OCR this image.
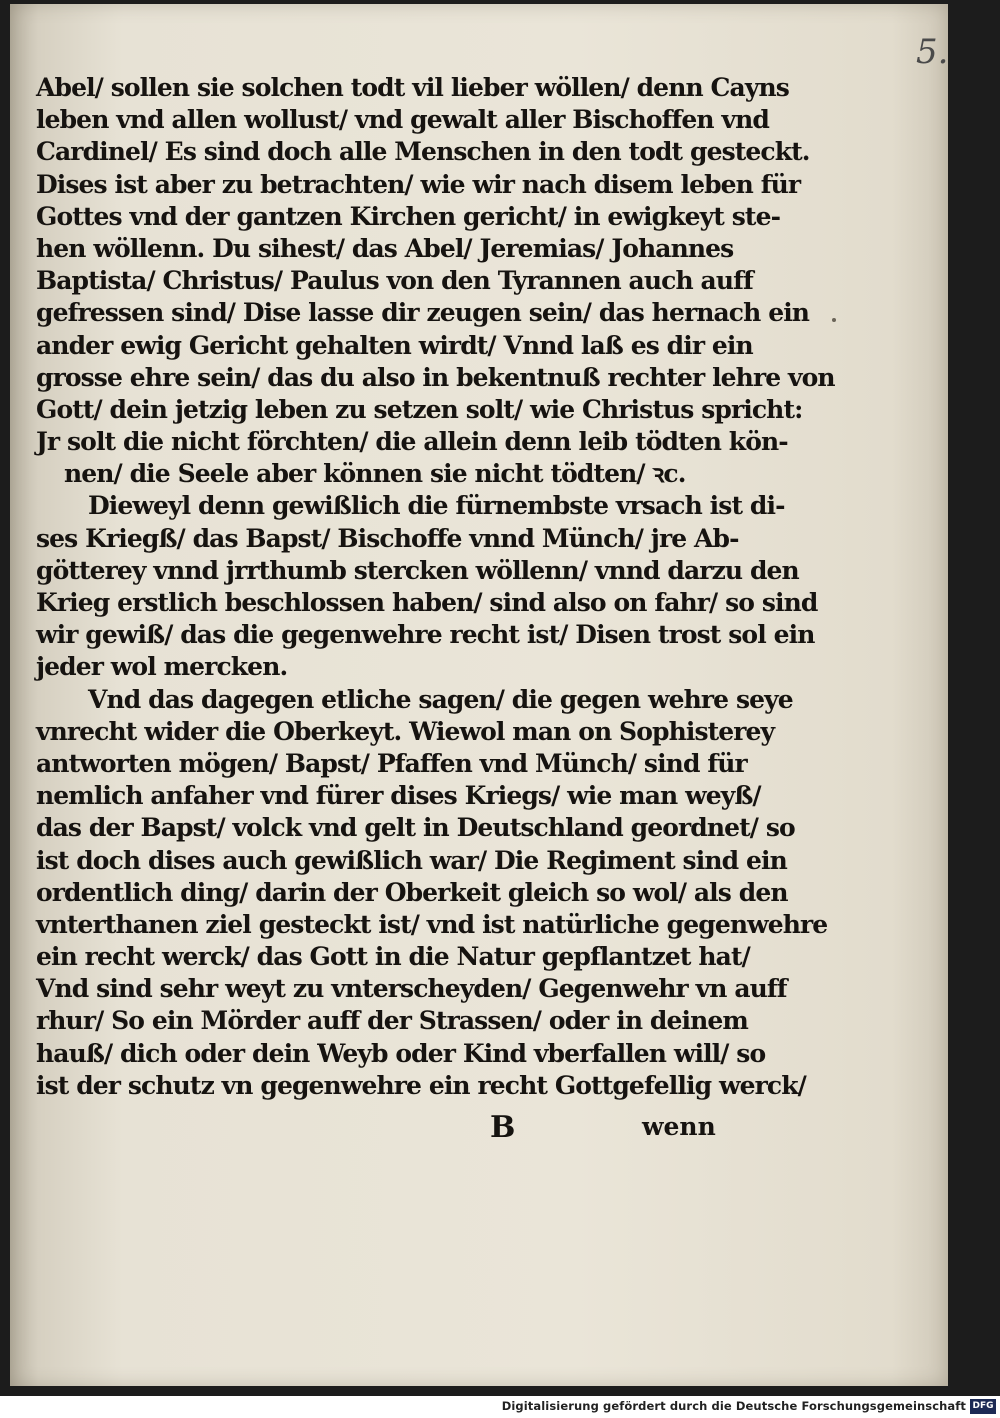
5.
Abel/ sollen sie solchen todt vil lieber wöllen/ denn Cayns
leben vnd allen wollust/ vnd gewalt aller Bischoffen vnd
Cardinel/ Es sind doch alle Menschen in den todt gesteckt.
Dises ist aber zu betrachten/ wie wir nach disem leben für
Gottes vnd der gantzen Kirchen gericht/ in ewigkeyt ste-
hen wöllenn. Du sihest/ das Abel/ Jeremias/ Johannes
Baptista/ Christus/ Paulus von den Tyrannen auch auff
gefressen sind/ Dise lasse dir zeugen sein/ das hernach ein
ander ewig Gericht gehalten wirdt/ Vnnd laß es dir ein
grosse ehre sein/ das du also in bekentnuß rechter lehre von
Gott/ dein jetzig leben zu setzen solt/ wie Christus spricht:
Jr solt die nicht förchten/ die allein denn leib tödten kön-
nen/ die Seele aber können sie nicht tödten/ ꝛc.
Dieweyl denn gewißlich die fürnembste vrsach ist di-
ses Kriegß/ das Bapst/ Bischoffe vnnd Münch/ jre Ab-
götterey vnnd jrrthumb stercken wöllenn/ vnnd darzu den
Krieg erstlich beschlossen haben/ sind also on fahr/ so sind
wir gewiß/ das die gegenwehre recht ist/ Disen trost sol ein
jeder wol mercken.
Vnd das dagegen etliche sagen/ die gegen wehre seye
vnrecht wider die Oberkeyt. Wiewol man on Sophisterey
antworten mögen/ Bapst/ Pfaffen vnd Münch/ sind für
nemlich anfaher vnd fürer dises Kriegs/ wie man weyß/
das der Bapst/ volck vnd gelt in Deutschland geordnet/ so
ist doch dises auch gewißlich war/ Die Regiment sind ein
ordentlich ding/ darin der Oberkeit gleich so wol/ als den
vnterthanen ziel gesteckt ist/ vnd ist natürliche gegenwehre
ein recht werck/ das Gott in die Natur gepflantzet hat/
Vnd sind sehr weyt zu vnterscheyden/ Gegenwehr vn auff
rhur/ So ein Mörder auff der Strassen/ oder in deinem
hauß/ dich oder dein Weyb oder Kind vberfallen will/ so
ist der schutz vn gegenwehre ein recht Gottgefellig werck/
B	wenn
Digitalisierung gefördert durch die Deutsche Forschungsgemeinschaft DFG
